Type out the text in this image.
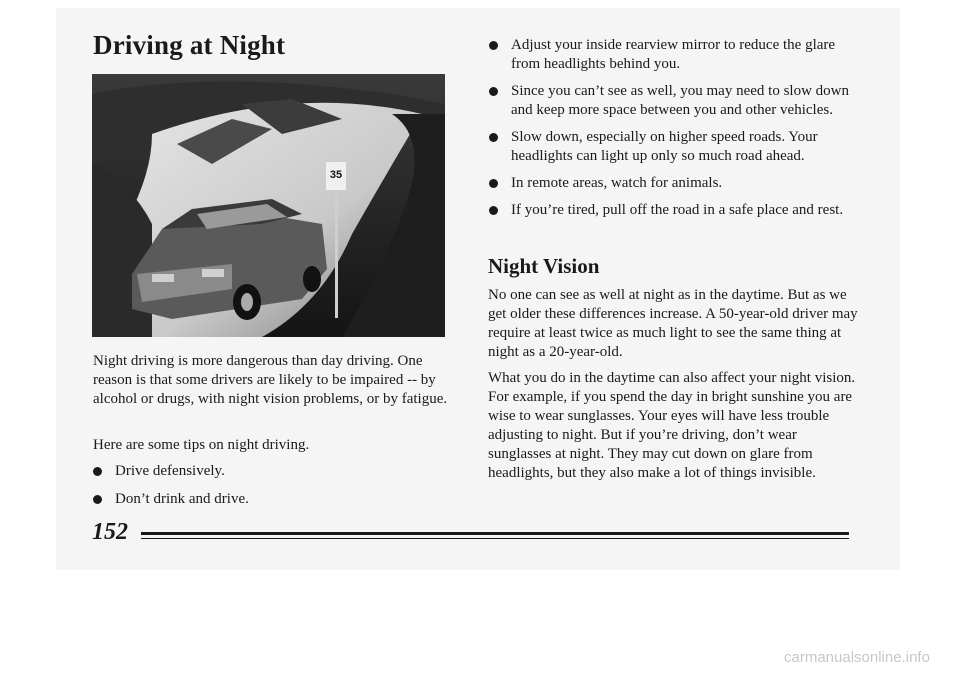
Driving at Night
35
Night driving is more dangerous than day driving. One reason is that some drivers are likely to be impaired -- by alcohol or drugs, with night vision problems, or by fatigue.
Here are some tips on night driving.
Drive defensively.
Don’t drink and drive.
Adjust your inside rearview mirror to reduce the glare from headlights behind you.
Since you can’t see as well, you may need to slow down and keep more space between you and other vehicles.
Slow down, especially on higher speed roads. Your headlights can light up only so much road ahead.
In remote areas, watch for animals.
If you’re tired, pull off the road in a safe place and rest.
Night Vision
No one can see as well at night as in the daytime. But as we get older these differences increase. A 50-year-old driver may require at least twice as much light to see the same thing at night as a 20-year-old.
What you do in the daytime can also affect your night vision. For example, if you spend the day in bright sunshine you are wise to wear sunglasses. Your eyes will have less trouble adjusting to night. But if you’re driving, don’t wear sunglasses at night. They may cut down on glare from headlights, but they also make a lot of things invisible.
152
carmanualsonline.info
